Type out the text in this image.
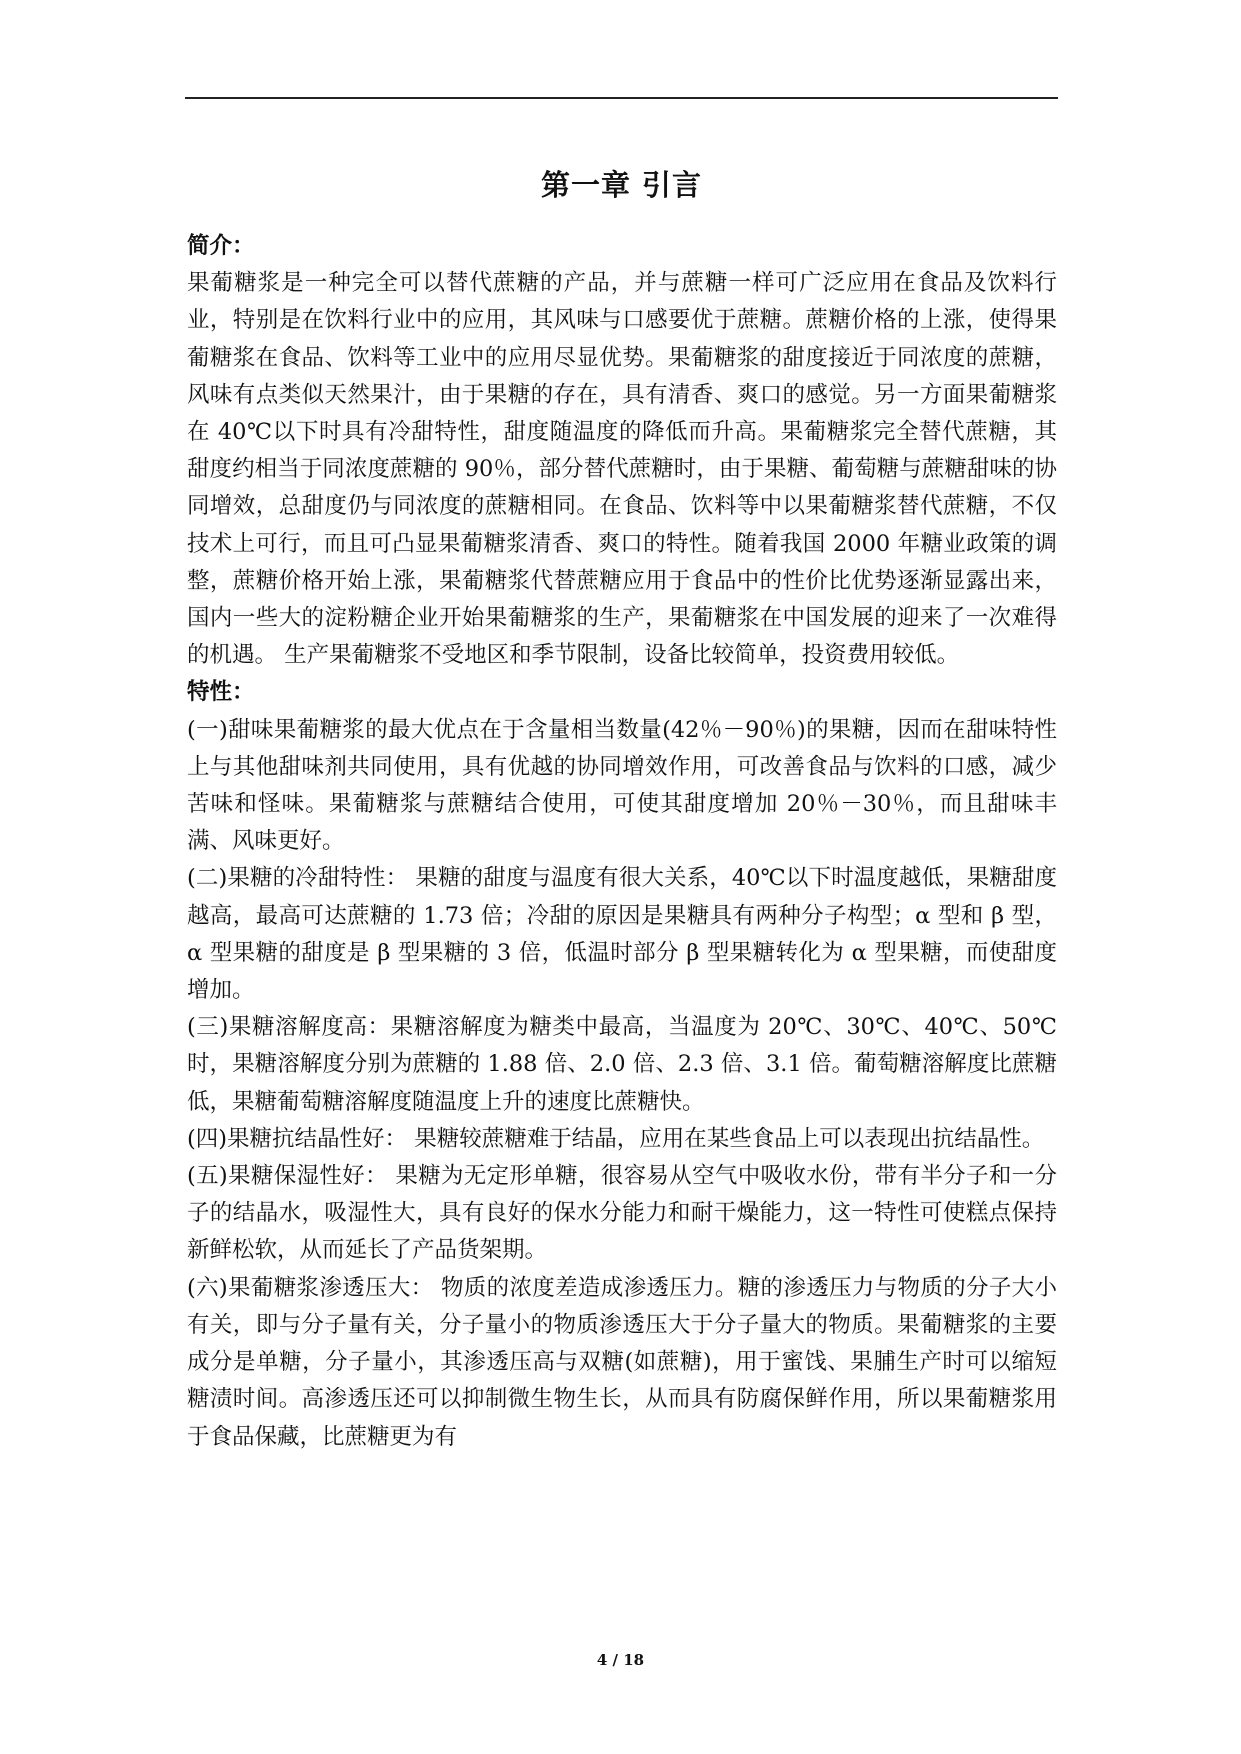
第一章 引言

简介：

果葡糖浆是一种完全可以替代蔗糖的产品，并与蔗糖一样可广泛应用在食品及饮料行业，特别是在饮料行业中的应用，其风味与口感要优于蔗糖。蔗糖价格的上涨，使得果葡糖浆在食品、饮料等工业中的应用尽显优势。果葡糖浆的甜度接近于同浓度的蔗糖，风味有点类似天然果汁，由于果糖的存在，具有清香、爽口的感觉。另一方面果葡糖浆在 40℃以下时具有冷甜特性，甜度随温度的降低而升高。果葡糖浆完全替代蔗糖，其甜度约相当于同浓度蔗糖的 90％，部分替代蔗糖时，由于果糖、葡萄糖与蔗糖甜味的协同增效，总甜度仍与同浓度的蔗糖相同。在食品、饮料等中以果葡糖浆替代蔗糖，不仅技术上可行，而且可凸显果葡糖浆清香、爽口的特性。随着我国 2000 年糖业政策的调整，蔗糖价格开始上涨，果葡糖浆代替蔗糖应用于食品中的性价比优势逐渐显露出来，国内一些大的淀粉糖企业开始果葡糖浆的生产，果葡糖浆在中国发展的迎来了一次难得的机遇。 生产果葡糖浆不受地区和季节限制，设备比较简单，投资费用较低。

特性：

(一)甜味果葡糖浆的最大优点在于含量相当数量(42％－90％)的果糖，因而在甜味特性上与其他甜味剂共同使用，具有优越的协同增效作用，可改善食品与饮料的口感，减少苦味和怪味。果葡糖浆与蔗糖结合使用，可使其甜度增加 20％－30％，而且甜味丰满、风味更好。

(二)果糖的冷甜特性： 果糖的甜度与温度有很大关系，40℃以下时温度越低，果糖甜度越高，最高可达蔗糖的 1.73 倍；冷甜的原因是果糖具有两种分子构型；α 型和 β 型，α 型果糖的甜度是 β 型果糖的 3 倍，低温时部分 β 型果糖转化为 α 型果糖，而使甜度增加。

(三)果糖溶解度高：果糖溶解度为糖类中最高，当温度为 20℃、30℃、40℃、50℃时，果糖溶解度分别为蔗糖的 1.88 倍、2.0 倍、2.3 倍、3.1 倍。葡萄糖溶解度比蔗糖低，果糖葡萄糖溶解度随温度上升的速度比蔗糖快。

(四)果糖抗结晶性好： 果糖较蔗糖难于结晶，应用在某些食品上可以表现出抗结晶性。

(五)果糖保湿性好： 果糖为无定形单糖，很容易从空气中吸收水份，带有半分子和一分子的结晶水，吸湿性大，具有良好的保水分能力和耐干燥能力，这一特性可使糕点保持新鲜松软，从而延长了产品货架期。

(六)果葡糖浆渗透压大： 物质的浓度差造成渗透压力。糖的渗透压力与物质的分子大小有关，即与分子量有关，分子量小的物质渗透压大于分子量大的物质。果葡糖浆的主要成分是单糖，分子量小，其渗透压高与双糖(如蔗糖)，用于蜜饯、果脯生产时可以缩短糖渍时间。高渗透压还可以抑制微生物生长，从而具有防腐保鲜作用，所以果葡糖浆用于食品保藏，比蔗糖更为有

4 / 18
